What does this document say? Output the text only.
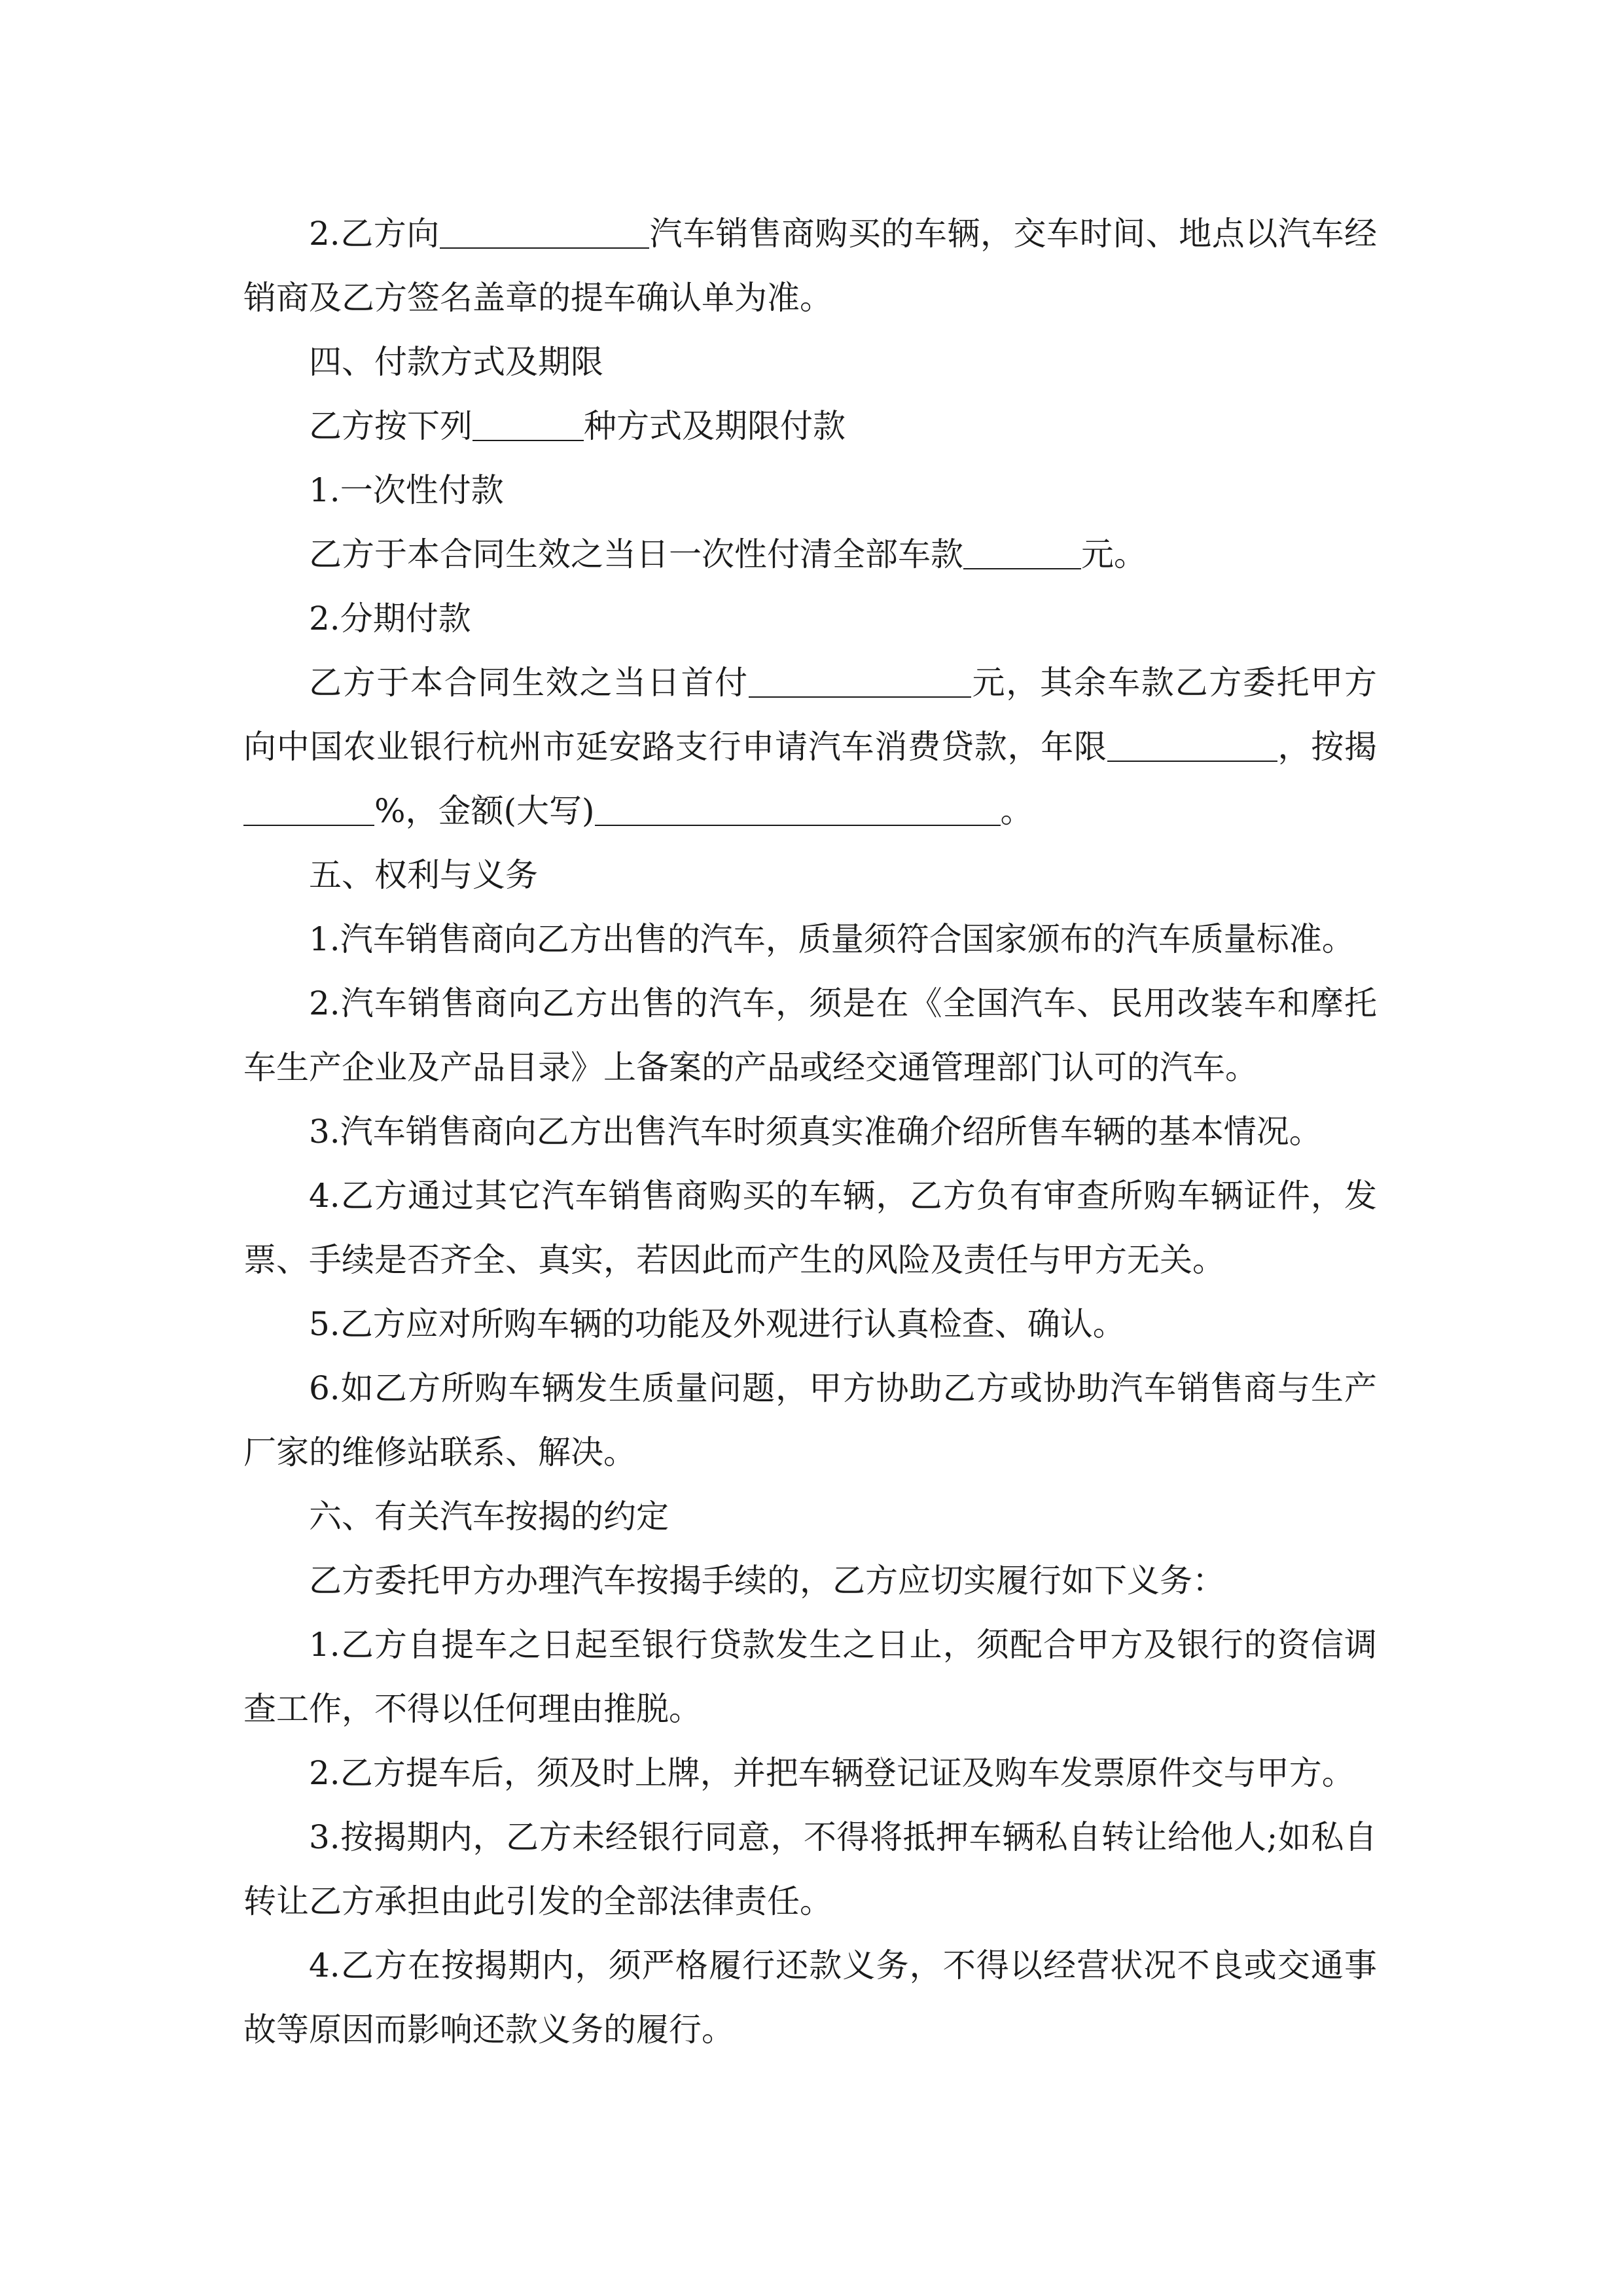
2.乙方向	汽车销售商购买的车辆，交车时间、地点以汽车经销商及乙方签名盖章的提车确认单为准。

四、付款方式及期限

乙方按下列	种方式及期限付款

1.一次性付款

乙方于本合同生效之当日一次性付清全部车款	元。

2.分期付款

乙方于本合同生效之当日首付	元，其余车款乙方委托甲方向中国农业银行杭州市延安路支行申请汽车消费贷款，年限	，按揭%，金额(大写)	。

五、权利与义务

1.汽车销售商向乙方出售的汽车，质量须符合国家颁布的汽车质量标准。

2.汽车销售商向乙方出售的汽车，须是在《全国汽车、民用改装车和摩托车生产企业及产品目录》上备案的产品或经交通管理部门认可的汽车。

3.汽车销售商向乙方出售汽车时须真实准确介绍所售车辆的基本情况。

4.乙方通过其它汽车销售商购买的车辆，乙方负有审查所购车辆证件，发票、手续是否齐全、真实，若因此而产生的风险及责任与甲方无关。

5.乙方应对所购车辆的功能及外观进行认真检查、确认。

6.如乙方所购车辆发生质量问题，甲方协助乙方或协助汽车销售商与生产厂家的维修站联系、解决。

六、有关汽车按揭的约定

乙方委托甲方办理汽车按揭手续的，乙方应切实履行如下义务：

1.乙方自提车之日起至银行贷款发生之日止，须配合甲方及银行的资信调查工作，不得以任何理由推脱。

2.乙方提车后，须及时上牌，并把车辆登记证及购车发票原件交与甲方。

3.按揭期内，乙方未经银行同意，不得将抵押车辆私自转让给他人;如私自转让乙方承担由此引发的全部法律责任。

4.乙方在按揭期内，须严格履行还款义务，不得以经营状况不良或交通事故等原因而影响还款义务的履行。
